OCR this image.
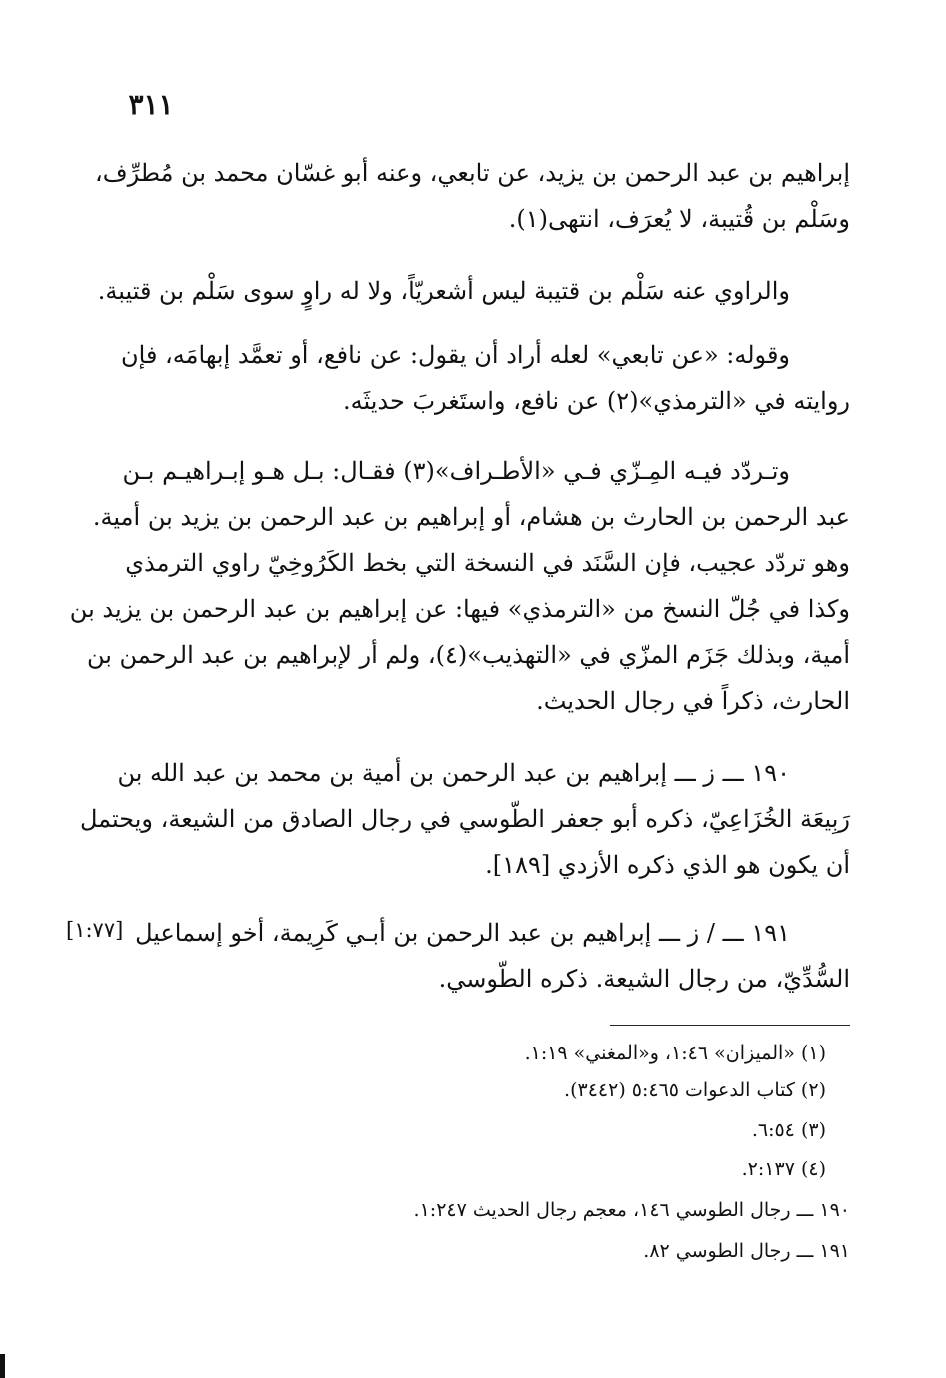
٣١١
إبراهيم بن عبد الرحمن بن يزيد، عن تابعي، وعنه أبو غسّان محمد بن مُطرِّف،
وسَلْم بن قُتيبة، لا يُعرَف، انتهى(١).
والراوي عنه سَلْم بن قتيبة ليس أشعريّاً، ولا له راوٍ سوى سَلْم بن قتيبة.
وقوله: «عن تابعي» لعله أراد أن يقول: عن نافع، أو تعمَّد إبهامَه، فإن
روايته في «الترمذي»(٢) عن نافع، واستَغربَ حديثَه.
وتـردّد فيـه المِـزّي فـي «الأطـراف»(٣) فقـال: بـل هـو إبـراهيـم بـن
عبد الرحمن بن الحارث بن هشام، أو إبراهيم بن عبد الرحمن بن يزيد بن أمية.
وهو تردّد عجيب، فإن السَّنَد في النسخة التي بخط الكَرُوخِيّ راوي الترمذي
وكذا في جُلّ النسخ من «الترمذي» فيها: عن إبراهيم بن عبد الرحمن بن يزيد بن
أمية، وبذلك جَزَم المزّي في «التهذيب»(٤)، ولم أر لإبراهيم بن عبد الرحمن بن
الحارث، ذكراً في رجال الحديث.
١٩٠ ـــ ز ـــ إبراهيم بن عبد الرحمن بن أمية بن محمد بن عبد الله بن
رَبِيعَة الخُزَاعِيّ، ذكره أبو جعفر الطّوسي في رجال الصادق من الشيعة، ويحتمل
أن يكون هو الذي ذكره الأزدي [١٨٩].
[١:٧٧] ١٩١ ـــ / ز ـــ إبراهيم بن عبد الرحمن بن أبـي كَرِيمة، أخو إسماعيل
السُّدِّيّ، من رجال الشيعة. ذكره الطّوسي.
(١) «الميزان» ١:٤٦، و«المغني» ١:١٩.
(٢) كتاب الدعوات ٥:٤٦٥ (٣٤٤٢).
(٣) ٦:٥٤.
(٤) ٢:١٣٧.
١٩٠ ـــ رجال الطوسي ١٤٦، معجم رجال الحديث ١:٢٤٧.
١٩١ ـــ رجال الطوسي ٨٢.
